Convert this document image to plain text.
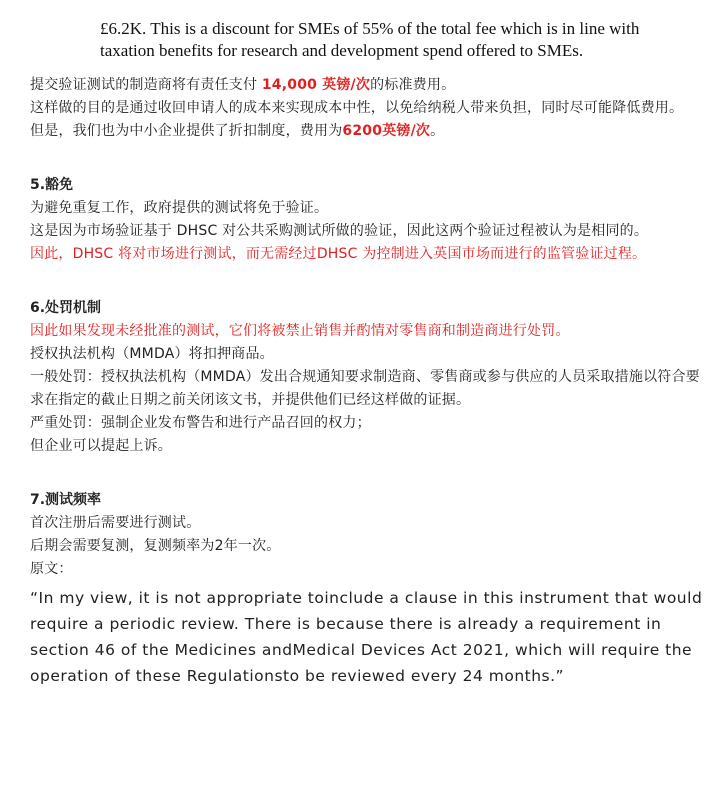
£6.2K. This is a discount for SMEs of 55% of the total fee which is in line with
taxation benefits for research and development spend offered to SMEs.

提交验证测试的制造商将有责任支付 14,000 英镑/次的标准费用。

这样做的目的是通过收回申请人的成本来实现成本中性，以免给纳税人带来负担，同时尽可能降低费用。

但是，我们也为中小企业提供了折扣制度，费用为6200英镑/次。

5.豁免

为避免重复工作，政府提供的测试将免于验证。

这是因为市场验证基于 DHSC 对公共采购测试所做的验证，因此这两个验证过程被认为是相同的。

因此，DHSC 将对市场进行测试，而无需经过DHSC 为控制进入英国市场而进行的监管验证过程。

6.处罚机制

因此如果发现未经批准的测试，它们将被禁止销售并酌情对零售商和制造商进行处罚。

授权执法机构（MMDA）将扣押商品。

一般处罚：授权执法机构（MMDA）发出合规通知要求制造商、零售商或参与供应的人员采取措施以符合要求在指定的截止日期之前关闭该文书，并提供他们已经这样做的证据。

严重处罚：强制企业发布警告和进行产品召回的权力；

但企业可以提起上诉。

7.测试频率

首次注册后需要进行测试。

后期会需要复测，复测频率为2年一次。

原文：

“In my view, it is not appropriate toinclude a clause in this instrument that would require a periodic review. There is because there is already a requirement in section 46 of the Medicines andMedical Devices Act 2021, which will require the operation of these Regulationsto be reviewed every 24 months.”
